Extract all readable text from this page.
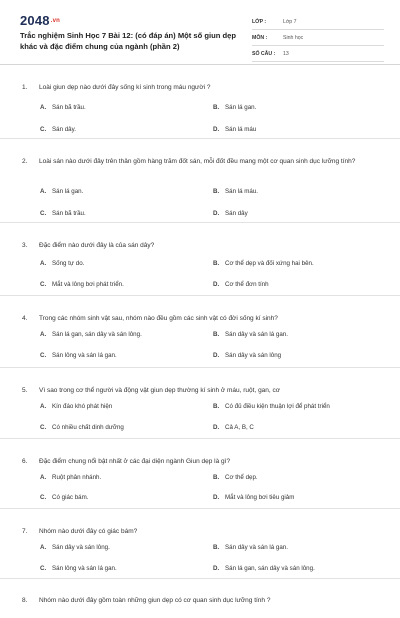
$2048^{.vn}$
Trắc nghiệm Sinh Học 7 Bài 12: (có đáp án) Một số giun dẹp khác và đặc điểm chung của ngành (phần 2)
LỚP :	Lớp 7
MÔN :	Sinh học
SỐ CÂU :	13
1. Loài giun dẹp nào dưới đây sống kí sinh trong máu người ?
A. Sán bã trầu.	B. Sán lá gan.
C. Sán dây.	D. Sán lá máu
2. Loài sán nào dưới đây trên thân gồm hàng trăm đốt sán, mỗi đốt đều mang một cơ quan sinh dục lưỡng tính?
A. Sán lá gan.	B. Sán lá máu.
C. Sán bã trầu.	D. Sán dây
3. Đặc điểm nào dưới đây là của sán dây?
A. Sống tự do.	B. Cơ thể dẹp và đối xứng hai bên.
C. Mắt và lông bơi phát triển.	D. Cơ thể đơn tính
4. Trong các nhóm sinh vật sau, nhóm nào đều gồm các sinh vật có đời sống kí sinh?
A. Sán lá gan, sán dây và sán lông.	B. Sán dây và sán lá gan.
C. Sán lông và sán lá gan.	D. Sán dây và sán lông
5. Vì sao trong cơ thể người và động vật giun dẹp thường kí sinh ở máu, ruột, gan, cơ
A. Kín đáo khó phát hiện	B. Có đủ điều kiện thuận lợi để phát triển
C. Có nhiều chất dinh dưỡng	D. Cả A, B, C
6. Đặc điểm chung nổi bật nhất ở các đại diện ngành Giun dẹp là gì?
A. Ruột phân nhánh.	B. Cơ thể dẹp.
C. Có giác bám.	D. Mắt và lông bơi tiêu giảm
7. Nhóm nào dưới đây có giác bám?
A. Sán dây và sán lông.	B. Sán dây và sán lá gan.
C. Sán lông và sán lá gan.	D. Sán lá gan, sán dây và sán lông.
8. Nhóm nào dưới đây gồm toàn những giun dẹp có cơ quan sinh dục lưỡng tính ?
